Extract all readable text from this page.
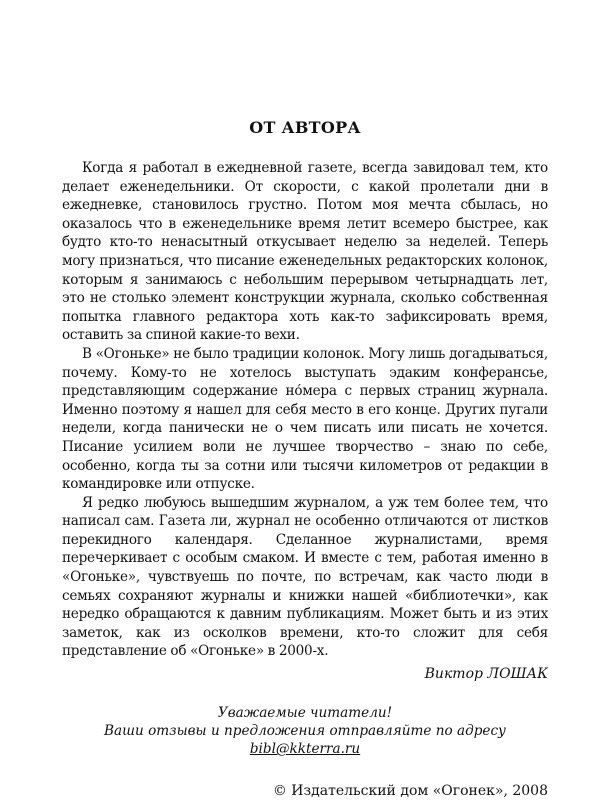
ОТ АВТОРА

Когда я работал в ежедневной газете, всегда завидовал тем, кто делает еженедельники. От скорости, с какой пролетали дни в ежедневке, становилось грустно. Потом моя мечта сбылась, но оказалось что в еженедельнике время летит всемеро быстрее, как будто кто-то ненасытный откусывает неделю за неделей. Теперь могу признаться, что писание еженедельных редакторских колонок, которым я занимаюсь с небольшим перерывом четырнадцать лет, это не столько элемент конструкции журнала, сколько собственная попытка главного редактора хоть как-то зафиксировать время, оставить за спиной какие-то вехи.

В «Огоньке» не было традиции колонок. Могу лишь догадываться, почему. Кому-то не хотелось выступать эдаким конферансье, представляющим содержание но́мера с первых страниц журнала. Именно поэтому я нашел для себя место в его конце. Других пугали недели, когда панически не о чем писать или писать не хочется. Писание усилием воли не лучшее творчество – знаю по себе, особенно, когда ты за сотни или тысячи километров от редакции в командировке или отпуске.

Я редко любуюсь вышедшим журналом, а уж тем более тем, что написал сам. Газета ли, журнал не особенно отличаются от листков перекидного календаря. Сделанное журналистами, время перечеркивает с особым смаком. И вместе с тем, работая именно в «Огоньке», чувствуешь по почте, по встречам, как часто люди в семьях сохраняют журналы и книжки нашей «библиотечки», как нередко обращаются к давним публикациям. Может быть и из этих заметок, как из осколков времени, кто-то сложит для себя представление об «Огоньке» в 2000-х.

Виктор ЛОШАК
Уважаемые читатели!
Ваши отзывы и предложения отправляйте по адресу
bibl@kkterra.ru
© Издательский дом «Огонек», 2008
